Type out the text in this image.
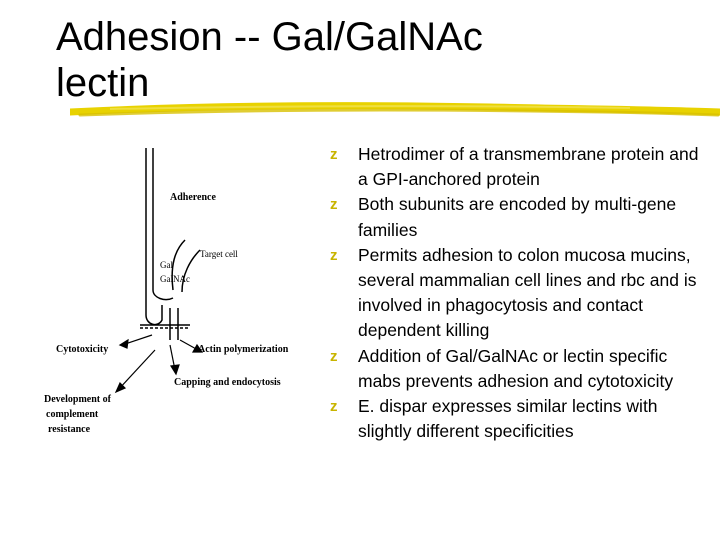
Adhesion -- Gal/GalNAc
lectin
Adherence
Target cell
Gal
GalNAc
Cytotoxicity	Actin polymerization
Capping and endocytosis
Development of
complement
resistance
z Hetrodimer of a transmembrane protein and a GPI-anchored protein
z Both subunits are encoded by multi-gene families
z Permits adhesion to colon mucosa mucins, several mammalian cell lines and rbc and is involved in phagocytosis and contact dependent killing
z Addition of Gal/GalNAc or lectin specific mabs prevents adhesion and cytotoxicity
z E. dispar expresses similar lectins with slightly different specificities
